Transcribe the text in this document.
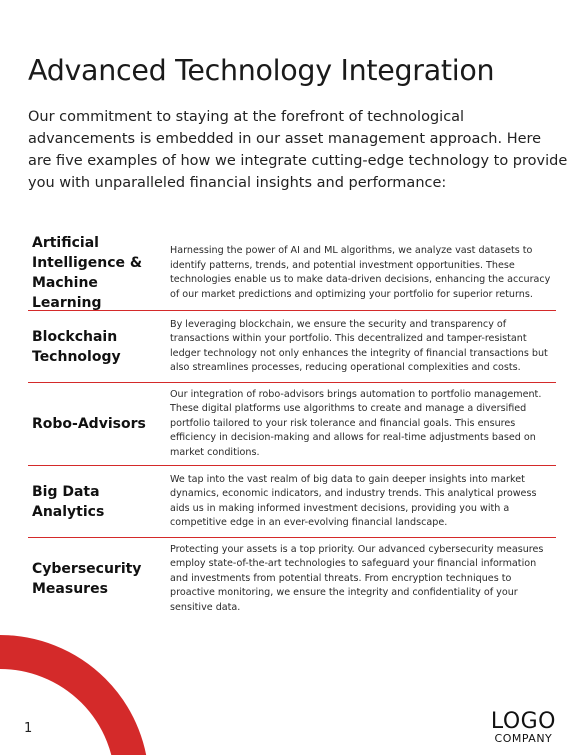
Advanced Technology Integration

Our commitment to staying at the forefront of technological advancements is embedded in our asset management approach. Here are five examples of how we integrate cutting-edge technology to provide you with unparalleled financial insights and performance:

Artificial Intelligence & Machine Learning
Harnessing the power of AI and ML algorithms, we analyze vast datasets to identify patterns, trends, and potential investment opportunities. These technologies enable us to make data-driven decisions, enhancing the accuracy of our market predictions and optimizing your portfolio for superior returns.
Blockchain Technology
By leveraging blockchain, we ensure the security and transparency of transactions within your portfolio. This decentralized and tamper-resistant ledger technology not only enhances the integrity of financial transactions but also streamlines processes, reducing operational complexities and costs.
Robo-Advisors
Our integration of robo-advisors brings automation to portfolio management. These digital platforms use algorithms to create and manage a diversified portfolio tailored to your risk tolerance and financial goals. This ensures efficiency in decision-making and allows for real-time adjustments based on market conditions.
Big Data Analytics
We tap into the vast realm of big data to gain deeper insights into market dynamics, economic indicators, and industry trends. This analytical prowess aids us in making informed investment decisions, providing you with a competitive edge in an ever-evolving financial landscape.
Cybersecurity Measures
Protecting your assets is a top priority. Our advanced cybersecurity measures employ state-of-the-art technologies to safeguard your financial information and investments from potential threats. From encryption techniques to proactive monitoring, we ensure the integrity and confidentiality of your sensitive data.
1	LOGO
COMPANY
